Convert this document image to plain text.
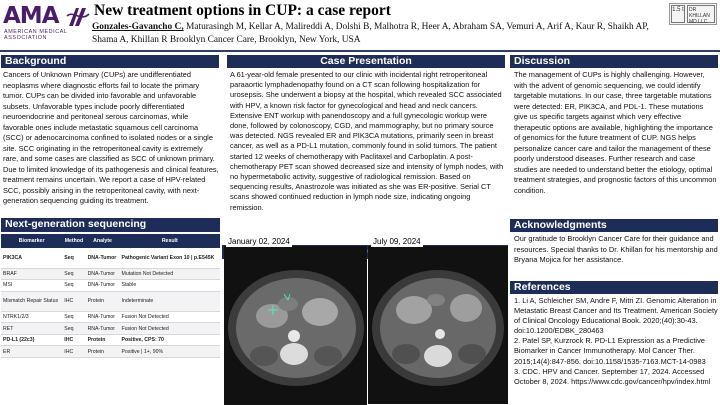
AMA
AMERICAN MEDICAL
ASSOCIATION
New treatment options in CUP: a case report
Gonzales-Gavancho C, Maturasingh M, Kellar A, Malireddi A, Dolshi B, Malhotra R, Heer A, Abraham SA, Vemuri A, Arif A, Kaur R, Shaikh AP, Shama A, Khillan R Brooklyn Cancer Care, Brooklyn, New York, USA
1.5 t	DR KHILLAN MD LLC
Background
Cancers of Unknown Primary (CUPs) are undifferentiated neoplasms where diagnostic efforts fail to locate the primary tumor. CUPs can be divided into favorable and unfavorable subsets. Unfavorable types include poorly differentiated neuroendocrine and peritoneal serous carcinomas, while favorable ones include metastatic squamous cell carcinoma (SCC) or adenocarcinoma confined to isolated nodes or a single site. SCC originating in the retroperitoneal cavity is extremely rare, and some cases are classified as SCC of unknown primary. Due to limited knowledge of its pathogenesis and clinical features, treatment remains uncertain. We report a case of HPV-related SCC, possibly arising in the retroperitoneal cavity, with next-generation sequencing guiding its treatment.
Case Presentation
A 61-year-old female presented to our clinic with incidental right retroperitoneal paraaortic lymphadenopathy found on a CT scan following hospitalization for urosepsis. She underwent a biopsy at the hospital, which revealed SCC associated with HPV, a known risk factor for gynecological and head and neck cancers. Extensive ENT workup with panendoscopy and a full gynecologic workup were done, followed by colonoscopy, CGD, and mammography, but no primary source was detected. NGS revealed ER and PIK3CA mutations, primarily seen in breast cancer, as well as a PD-L1 mutation, commonly found in solid tumors. The patient started 12 weeks of chemotherapy with Paclitaxel and Carboplatin. A post-chemotherapy PET scan showed decreased size and intensity of lymph nodes, with no hypermetabolic activity, suggestive of radiological remission. Based on sequencing results, Anastrozole was initiated as she was ER-positive. Serial CT scans showed continued reduction in lymph node size, indicating ongoing remission.
Discussion
The management of CUPs is highly challenging. However, with the advent of genomic sequencing, we could identify targetable mutations. In our case, three targetable mutations were detected: ER, PIK3CA, and PDL-1. These mutations give us specific targets against which very effective therapeutic options are available, highlighting the importance of genomics for the future treatment of CUP. NGS helps personalize cancer care and tailor the management of these poorly understood diseases. Further research and case studies are needed to understand better the etiology, optimal treatment strategies, and prognostic factors of this uncommon condition.
Acknowledgments
Our gratitude to Brooklyn Cancer Care for their guidance and resources. Special thanks to Dr. Khillan for his mentorship and Bryana Mojica for her assistance.
References
1. Li A, Schleicher SM, Andre F, Mitri ZI. Genomic Alteration in Metastatic Breast Cancer and Its Treatment. American Society of Clinical Oncology Educational Book. 2020;(40):30-43. doi:10.1200/EDBK_280463
2. Patel SP, Kurzrock R. PD-L1 Expression as a Predictive Biomarker in Cancer Immunotherapy. Mol Cancer Ther. 2015;14(4):847-856. doi:10.1158/1535-7163.MCT-14-0983
3. CDC. HPV and Cancer. September 17, 2024. Accessed October 8, 2024. https://www.cdc.gov/cancer/hpv/index.html
Next-generation sequencing
Biomarker	Method	Analyte	Result
PIK3CA	Seq	DNA-Tumor	Pathogenic Variant Exon 10 | p.E545K
BRAF	Seq	DNA-Tumor	Mutation Not Detected
MSI	Seq	DNA-Tumor	Stable
Mismatch Repair Status	IHC	Protein	Indeterminate
NTRK1/2/3	Seq	RNA-Tumor	Fusion Not Detected
RET	Seq	RNA-Tumor	Fusion Not Detected
PD-L1 (22c3)	IHC	Protein	Positive, CPS: 70
ER	IHC	Protein	Positive | 1+, 90%
January 02, 2024	July 09, 2024
